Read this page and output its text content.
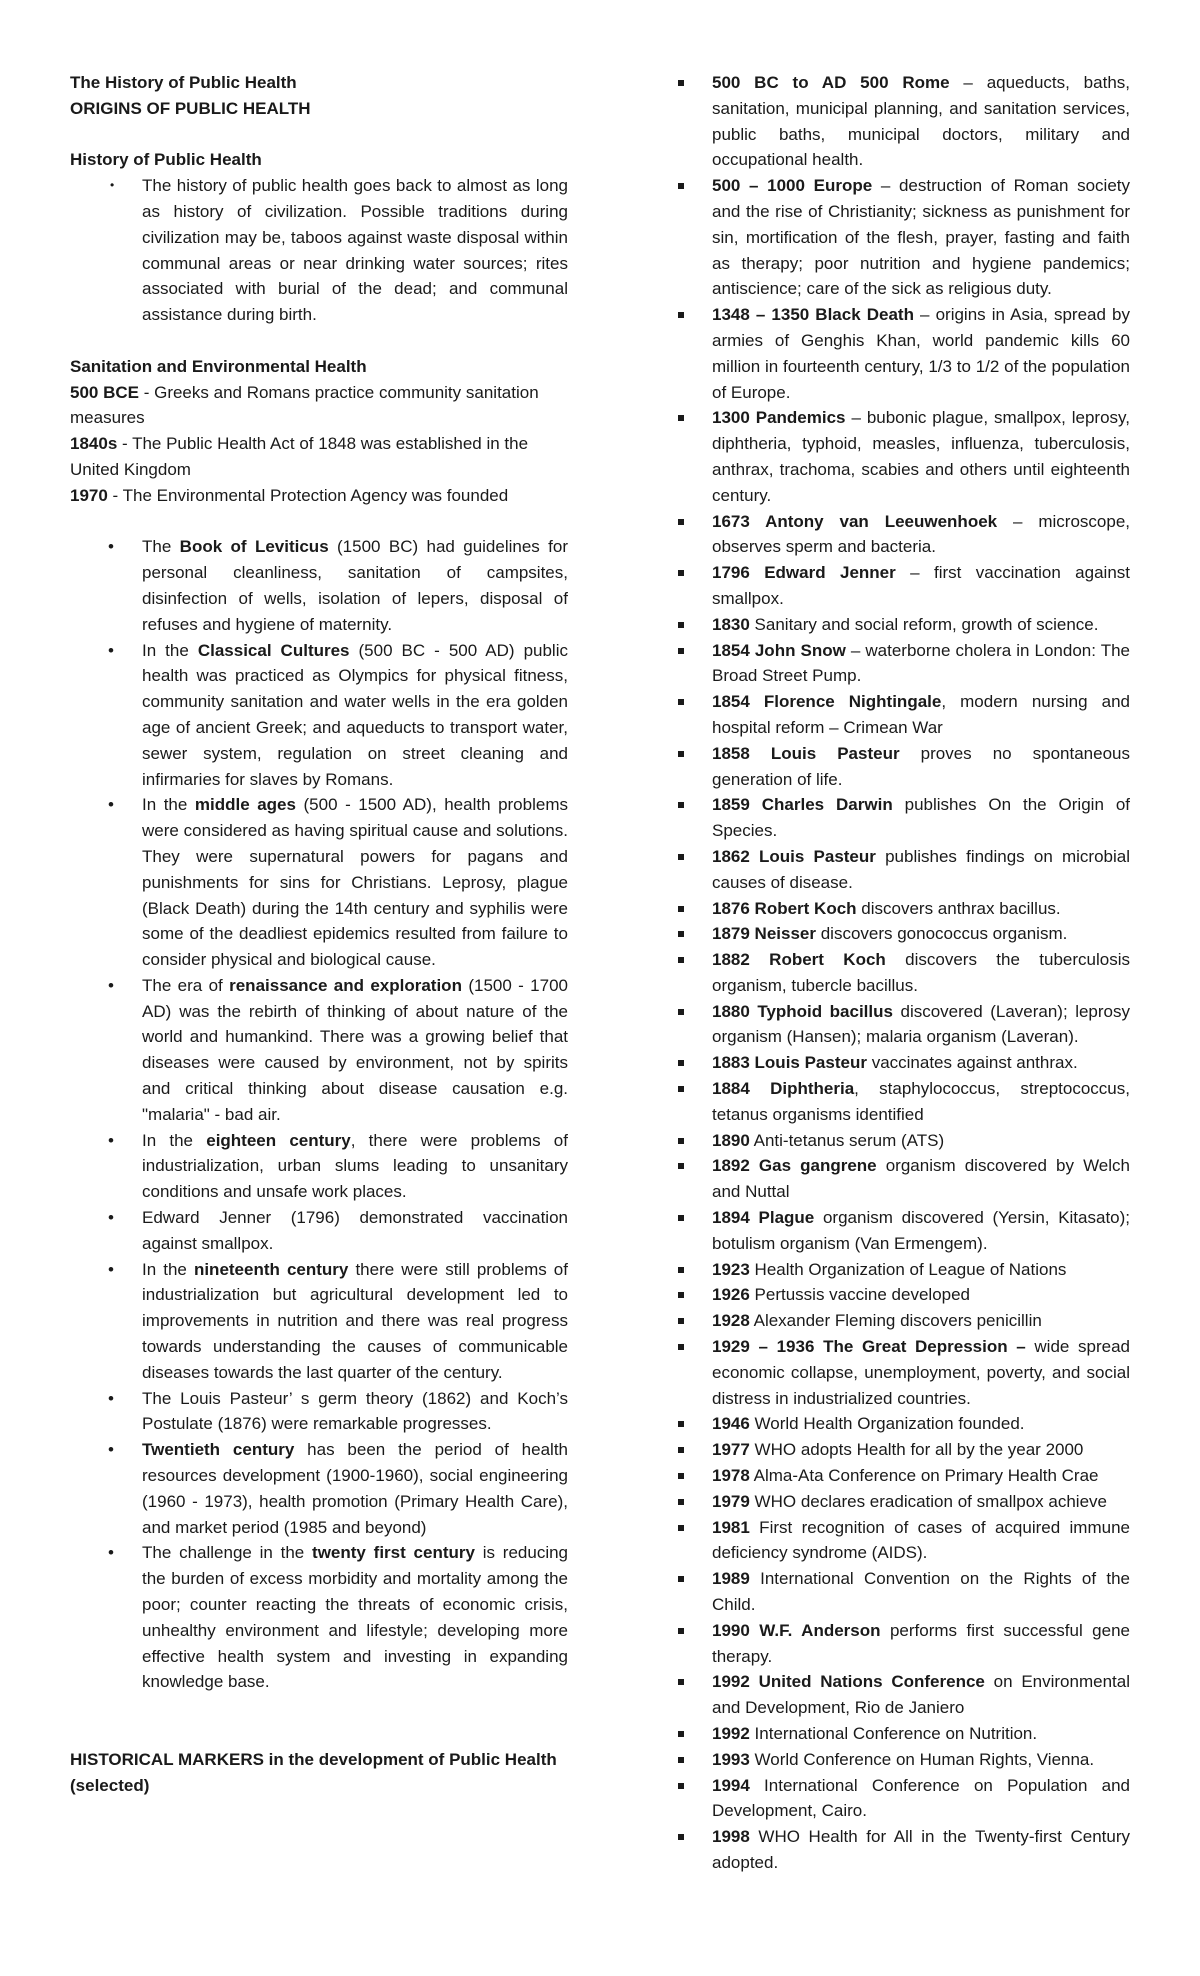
The History of Public Health

ORIGINS OF PUBLIC HEALTH

History of Public Health

• The history of public health goes back to almost as long as history of civilization. Possible traditions during civilization may be, taboos against waste disposal within communal areas or near drinking water sources; rites associated with burial of the dead; and communal assistance during birth.

Sanitation and Environmental Health

500 BCE - Greeks and Romans practice community sanitation measures

1840s - The Public Health Act of 1848 was established in the United Kingdom

1970 - The Environmental Protection Agency was founded

• The Book of Leviticus (1500 BC) had guidelines for personal cleanliness, sanitation of campsites, disinfection of wells, isolation of lepers, disposal of refuses and hygiene of maternity.
• In the Classical Cultures (500 BC - 500 AD) public health was practiced as Olympics for physical fitness, community sanitation and water wells in the era golden age of ancient Greek; and aqueducts to transport water, sewer system, regulation on street cleaning and infirmaries for slaves by Romans.
• In the middle ages (500 - 1500 AD), health problems were considered as having spiritual cause and solutions. They were supernatural powers for pagans and punishments for sins for Christians. Leprosy, plague (Black Death) during the 14th century and syphilis were some of the deadliest epidemics resulted from failure to consider physical and biological cause.
• The era of renaissance and exploration (1500 - 1700 AD) was the rebirth of thinking of about nature of the world and humankind. There was a growing belief that diseases were caused by environment, not by spirits and critical thinking about disease causation e.g. "malaria" - bad air.
• In the eighteen century, there were problems of industrialization, urban slums leading to unsanitary conditions and unsafe work places.
• Edward Jenner (1796) demonstrated vaccination against smallpox.
• In the nineteenth century there were still problems of industrialization but agricultural development led to improvements in nutrition and there was real progress towards understanding the causes of communicable diseases towards the last quarter of the century.
• The Louis Pasteur’ s germ theory (1862) and Koch’s Postulate (1876) were remarkable progresses.
• Twentieth century has been the period of health resources development (1900-1960), social engineering (1960 - 1973), health promotion (Primary Health Care), and market period (1985 and beyond)
• The challenge in the twenty first century is reducing the burden of excess morbidity and mortality among the poor; counter reacting the threats of economic crisis, unhealthy environment and lifestyle; developing more effective health system and investing in expanding knowledge base.

HISTORICAL MARKERS in the development of Public Health (selected)

500 BC to AD 500 Rome – aqueducts, baths, sanitation, municipal planning, and sanitation services, public baths, municipal doctors, military and occupational health.
500 – 1000 Europe – destruction of Roman society and the rise of Christianity; sickness as punishment for sin, mortification of the flesh, prayer, fasting and faith as therapy; poor nutrition and hygiene pandemics; antiscience; care of the sick as religious duty.
1348 – 1350 Black Death – origins in Asia, spread by armies of Genghis Khan, world pandemic kills 60 million in fourteenth century, 1/3 to 1/2 of the population of Europe.
1300 Pandemics – bubonic plague, smallpox, leprosy, diphtheria, typhoid, measles, influenza, tuberculosis, anthrax, trachoma, scabies and others until eighteenth century.
1673 Antony van Leeuwenhoek – microscope, observes sperm and bacteria.
1796 Edward Jenner – first vaccination against smallpox.
1830 Sanitary and social reform, growth of science.
1854 John Snow – waterborne cholera in London: The Broad Street Pump.
1854 Florence Nightingale, modern nursing and hospital reform – Crimean War
1858 Louis Pasteur proves no spontaneous generation of life.
1859 Charles Darwin publishes On the Origin of Species.
1862 Louis Pasteur publishes findings on microbial causes of disease.
1876 Robert Koch discovers anthrax bacillus.
1879 Neisser discovers gonococcus organism.
1882 Robert Koch discovers the tuberculosis organism, tubercle bacillus.
1880 Typhoid bacillus discovered (Laveran); leprosy organism (Hansen); malaria organism (Laveran).
1883 Louis Pasteur vaccinates against anthrax.
1884 Diphtheria, staphylococcus, streptococcus, tetanus organisms identified
1890 Anti-tetanus serum (ATS)
1892 Gas gangrene organism discovered by Welch and Nuttal
1894 Plague organism discovered (Yersin, Kitasato); botulism organism (Van Ermengem).
1923 Health Organization of League of Nations
1926 Pertussis vaccine developed
1928 Alexander Fleming discovers penicillin
1929 – 1936 The Great Depression – wide spread economic collapse, unemployment, poverty, and social distress in industrialized countries.
1946 World Health Organization founded.
1977 WHO adopts Health for all by the year 2000
1978 Alma-Ata Conference on Primary Health Crae
1979 WHO declares eradication of smallpox achieve
1981 First recognition of cases of acquired immune deficiency syndrome (AIDS).
1989 International Convention on the Rights of the Child.
1990 W.F. Anderson performs first successful gene therapy.
1992 United Nations Conference on Environmental and Development, Rio de Janiero
1992 International Conference on Nutrition.
1993 World Conference on Human Rights, Vienna.
1994 International Conference on Population and Development, Cairo.
1998 WHO Health for All in the Twenty-first Century adopted.
